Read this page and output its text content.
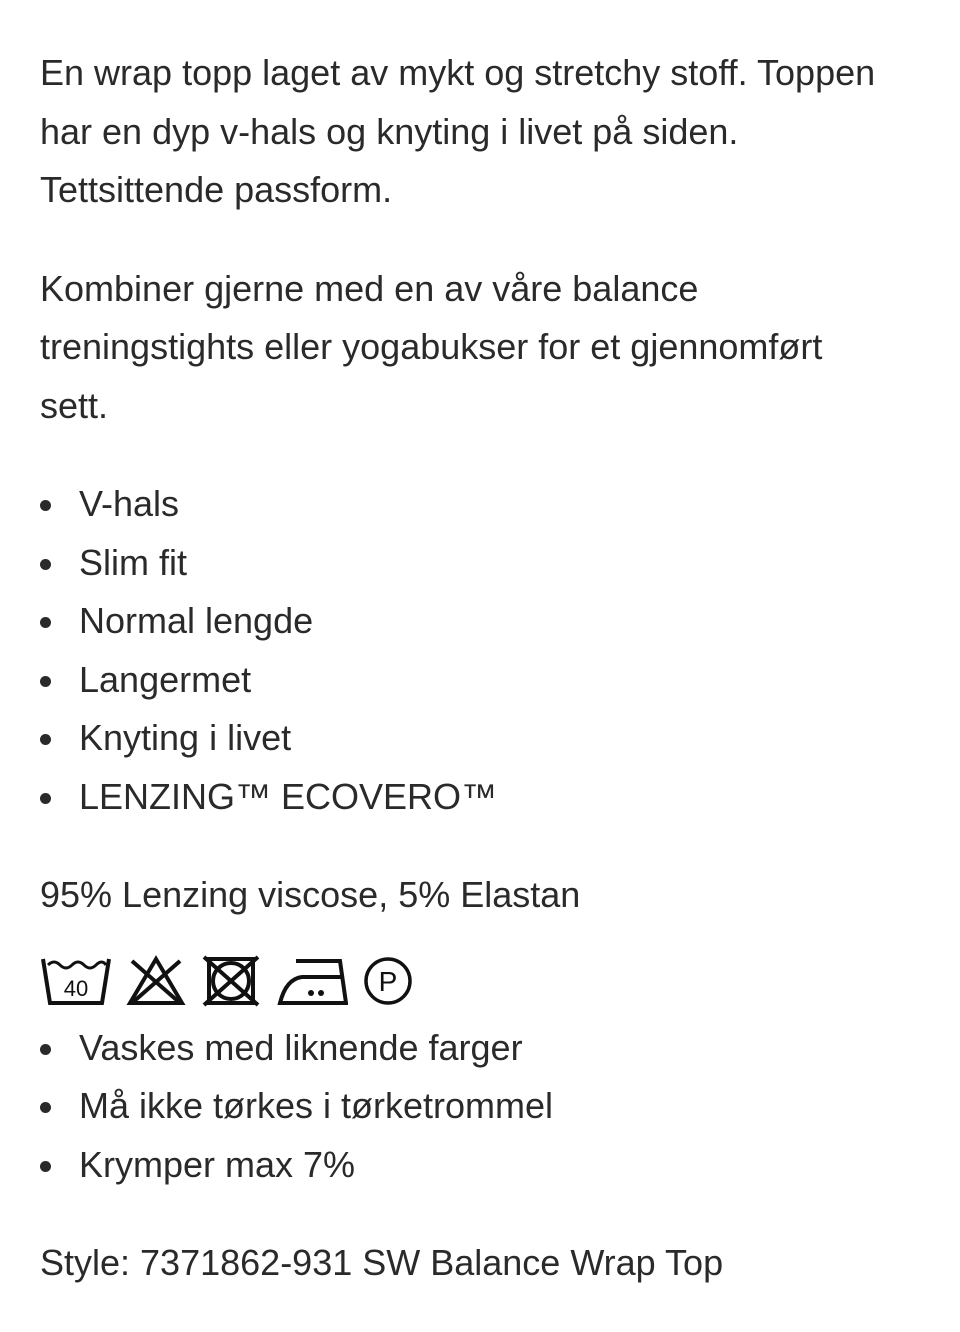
En wrap topp laget av mykt og stretchy stoff. Toppen har en dyp v-hals og knyting i livet på siden. Tettsittende passform.

Kombiner gjerne med en av våre balance treningstights eller yogabukser for et gjennomført sett.

V-hals
Slim fit
Normal lengde
Langermet
Knyting i livet
LENZING™ ECOVERO™
95% Lenzing viscose, 5% Elastan
40	P
Vaskes med liknende farger
Må ikke tørkes i tørketrommel
Krymper max 7%
Style: 7371862-931 SW Balance Wrap Top
